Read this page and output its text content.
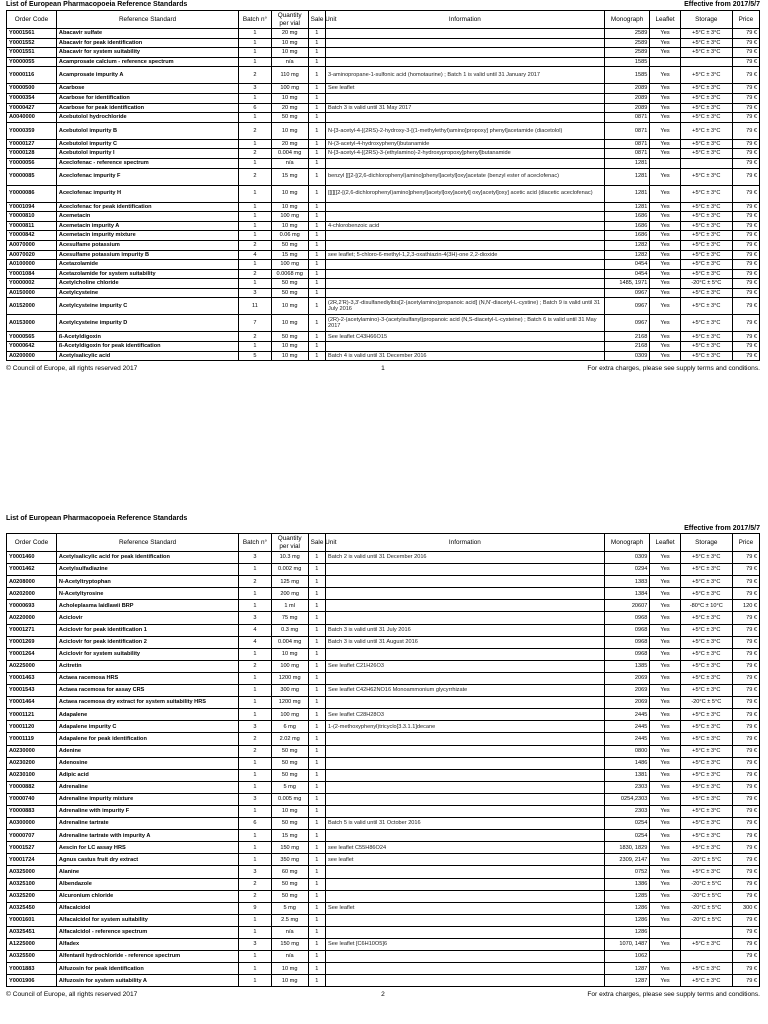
List of European Pharmacopoeia Reference Standards	Effective from 2017/5/7
Order Code	Reference Standard	Batch n°	Quantity per vial	Sale Unit	Information	Monograph	Leaflet	Storage	Price
Y0001561	Abacavir sulfate	1	20 mg	1		2589	Yes	+5°C ± 3°C	79 €
Y0001552	Abacavir for peak identification	1	10 mg	1		2589	Yes	+5°C ± 3°C	79 €
Y0001551	Abacavir for system suitability	1	10 mg	1		2589	Yes	+5°C ± 3°C	79 €
Y0000055	Acamprosate calcium - reference spectrum	1	n/a	1		1585			79 €
Y0000116	Acamprosate impurity A	2	110 mg	1	3-aminopropane-1-sulfonic acid (homotaurine) ; Batch 1 is valid until 31 January 2017	1585	Yes	+5°C ± 3°C	79 €
Y0000500	Acarbose	3	100 mg	1	See leaflet	2089	Yes	+5°C ± 3°C	79 €
Y0000354	Acarbose for identification	1	10 mg	1		2089	Yes	+5°C ± 3°C	79 €
Y0000427	Acarbose for peak identification	6	20 mg	1	Batch 3 is valid until 31 May 2017	2089	Yes	+5°C ± 3°C	79 €
A0040000	Acebutolol hydrochloride	1	50 mg	1		0871	Yes	+5°C ± 3°C	79 €
Y0000359	Acebutolol impurity B	2	10 mg	1	N-[3-acetyl-4-[(2RS)-2-hydroxy-3-[(1-methylethyl)amino]propoxy] phenyl]acetamide (diacetolol)	0871	Yes	+5°C ± 3°C	79 €
Y0000127	Acebutolol impurity C	1	20 mg	1	N-(3-acetyl-4-hydroxyphenyl)butanamide	0871	Yes	+5°C ± 3°C	79 €
Y0000128	Acebutolol impurity I	2	0.004 mg	1	N-[3-acetyl-4-[(2RS)-3-(ethylamino)-2-hydroxypropoxy]phenyl]butanamide	0871	Yes	+5°C ± 3°C	79 €
Y0000056	Aceclofenac - reference spectrum	1	n/a	1		1281			79 €
Y0000085	Aceclofenac impurity F	2	15 mg	1	benzyl [[[2-[(2,6-dichlorophenyl)amino]phenyl]acetyl]oxy]acetate (benzyl ester of aceclofenac)	1281	Yes	+5°C ± 3°C	79 €
Y0000086	Aceclofenac impurity H	1	10 mg	1	[[[[[[2-[(2,6-dichlorophenyl)amino]phenyl]acetyl]oxy]acetyl] oxy]acetyl]oxy] acetic acid (diacetic aceclofenac)	1281	Yes	+5°C ± 3°C	79 €
Y0001094	Aceclofenac for peak identification	1	10 mg	1		1281	Yes	+5°C ± 3°C	79 €
Y0000810	Acemetacin	1	100 mg	1		1686	Yes	+5°C ± 3°C	79 €
Y0000811	Acemetacin impurity A	1	10 mg	1	4-chlorobenzoic acid	1686	Yes	+5°C ± 3°C	79 €
Y0000842	Acemetacin impurity mixture	1	0.06 mg	1		1686	Yes	+5°C ± 3°C	79 €
A0070000	Acesulfame potassium	2	50 mg	1		1282	Yes	+5°C ± 3°C	79 €
A0070020	Acesulfame potassium impurity B	4	15 mg	1	see leaflet; 5-chloro-6-methyl-1,2,3-oxathiazin-4(3H)-one 2,2-dioxide	1282	Yes	+5°C ± 3°C	79 €
A0100000	Acetazolamide	1	100 mg	1		0454	Yes	+5°C ± 3°C	79 €
Y0001084	Acetazolamide for system suitability	2	0.0068 mg	1		0454	Yes	+5°C ± 3°C	79 €
Y0000002	Acetylcholine chloride	1	50 mg	1		1485, 1971	Yes	-20°C ± 5°C	79 €
A0150000	Acetylcysteine	3	50 mg	1		0967	Yes	+5°C ± 3°C	79 €
A0152000	Acetylcysteine impurity C	11	10 mg	1	(2R,2'R)-3,3'-disulfanediylbis[2-(acetylamino)propanoic acid] (N,N'-diacetyl-L-cystine) ; Batch 9 is valid until 31 July 2016	0967	Yes	+5°C ± 3°C	79 €
A0153000	Acetylcysteine impurity D	7	10 mg	1	(2R)-2-(acetylamino)-3-(acetylsulfanyl)propanoic acid (N,S-diacetyl-L-cysteine) ; Batch 6 is valid until 31 May 2017	0967	Yes	+5°C ± 3°C	79 €
Y0000565	ß-Acetyldigoxin	2	50 mg	1	See leaflet C43H66O15	2168	Yes	+5°C ± 3°C	79 €
Y0000642	ß-Acetyldigoxin for peak identification	1	10 mg	1		2168	Yes	+5°C ± 3°C	79 €
A0200000	Acetylsalicylic acid	5	10 mg	1	Batch 4 is valid until 31 December 2016	0309	Yes	+5°C ± 3°C	79 €
© Council of Europe, all rights reserved 2017	1	For extra charges, please see supply terms and conditions.
List of European Pharmacopoeia Reference Standards
Effective from 2017/5/7
Order Code	Reference Standard	Batch n°	Quantity per vial	Sale Unit	Information	Monograph	Leaflet	Storage	Price
Y0001460	Acetylsalicylic acid for peak identification	3	10.3 mg	1	Batch 2 is valid until 31 December 2016	0309	Yes	+5°C ± 3°C	79 €
Y0001462	Acetylsulfadiazine	1	0.002 mg	1		0294	Yes	+5°C ± 3°C	79 €
A0208000	N-Acetyltryptophan	2	125 mg	1		1383	Yes	+5°C ± 3°C	79 €
A0202000	N-Acetyltyrosine	1	200 mg	1		1384	Yes	+5°C ± 3°C	79 €
Y0000693	Acholeplasma laidlawii BRP	1	1 ml	1		20607	Yes	-80°C ± 10°C	120 €
A0220000	Aciclovir	3	75 mg	1		0968	Yes	+5°C ± 3°C	79 €
Y0001271	Aciclovir for peak identification 1	4	0.3 mg	1	Batch 3 is valid until 31 July 2016	0968	Yes	+5°C ± 3°C	79 €
Y0001269	Aciclovir for peak identification 2	4	0.004 mg	1	Batch 3 is valid until 31 August 2016	0968	Yes	+5°C ± 3°C	79 €
Y0001264	Aciclovir for system suitability	1	10 mg	1		0968	Yes	+5°C ± 3°C	79 €
A0225000	Acitretin	2	100 mg	1	See leaflet C21H26O3	1385	Yes	+5°C ± 3°C	79 €
Y0001463	Actaea racemosa HRS	1	1200 mg	1		2069	Yes	+5°C ± 3°C	79 €
Y0001543	Actaea racemosa for assay CRS	1	300 mg	1	See leaflet C42H62NO16 Monoammonium glycyrrhizate	2069	Yes	+5°C ± 3°C	79 €
Y0001464	Actaea racemosa dry extract for system suitability HRS	1	1200 mg	1		2069	Yes	-20°C ± 5°C	79 €
Y0001121	Adapalene	1	100 mg	1	See leaflet C28H28O3	2445	Yes	+5°C ± 3°C	79 €
Y0001120	Adapalene impurity C	3	6 mg	1	1-(2-methoxyphenyl)tricyclo[3.3.1.1]decane	2445	Yes	+5°C ± 3°C	79 €
Y0001119	Adapalene for peak identification	2	2.02 mg	1		2445	Yes	+5°C ± 3°C	79 €
A0230000	Adenine	2	50 mg	1		0800	Yes	+5°C ± 3°C	79 €
A0230200	Adenosine	1	50 mg	1		1486	Yes	+5°C ± 3°C	79 €
A0230100	Adipic acid	1	50 mg	1		1381	Yes	+5°C ± 3°C	79 €
Y0000882	Adrenaline	1	5 mg	1		2303	Yes	+5°C ± 3°C	79 €
Y0000740	Adrenaline impurity mixture	3	0.005 mg	1		0254,2303	Yes	+5°C ± 3°C	79 €
Y0000883	Adrenaline with impurity F	1	10 mg	1		2303	Yes	+5°C ± 3°C	79 €
A0300000	Adrenaline tartrate	6	50 mg	1	Batch 5 is valid until 31 October 2016	0254	Yes	+5°C ± 3°C	79 €
Y0000707	Adrenaline tartrate with impurity A	1	15 mg	1		0254	Yes	+5°C ± 3°C	79 €
Y0001527	Aescin for LC assay HRS	1	150 mg	1	see leaflet C55H86O24	1830, 1829	Yes	+5°C ± 3°C	79 €
Y0001724	Agnus castus fruit dry extract	1	350 mg	1	see leaflet	2309, 2147	Yes	-20°C ± 5°C	79 €
A0325000	Alanine	3	60 mg	1		0752	Yes	+5°C ± 3°C	79 €
A0325100	Albendazole	2	50 mg	1		1386	Yes	-20°C ± 5°C	79 €
A0325200	Alcuronium chloride	2	50 mg	1		1285	Yes	-20°C ± 5°C	79 €
A0325450	Alfacalcidol	9	5 mg	1	See leaflet	1286	Yes	-20°C ± 5°C	300 €
Y0001601	Alfacalcidol for system suitability	1	2.5 mg	1		1286	Yes	-20°C ± 5°C	79 €
A0325451	Alfacalcidol - reference spectrum	1	n/a	1		1286			79 €
A1225000	Alfadex	3	150 mg	1	See leaflet [C6H10O5]6	1070, 1487	Yes	+5°C ± 3°C	79 €
A0325500	Alfentanil hydrochloride - reference spectrum	1	n/a	1		1062			79 €
Y0001883	Alfuzosin for peak identification	1	10 mg	1		1287	Yes	+5°C ± 3°C	79 €
Y0001906	Alfuzosin for system suitability A	1	10 mg	1		1287	Yes	+5°C ± 3°C	79 €
© Council of Europe, all rights reserved 2017	2	For extra charges, please see supply terms and conditions.
